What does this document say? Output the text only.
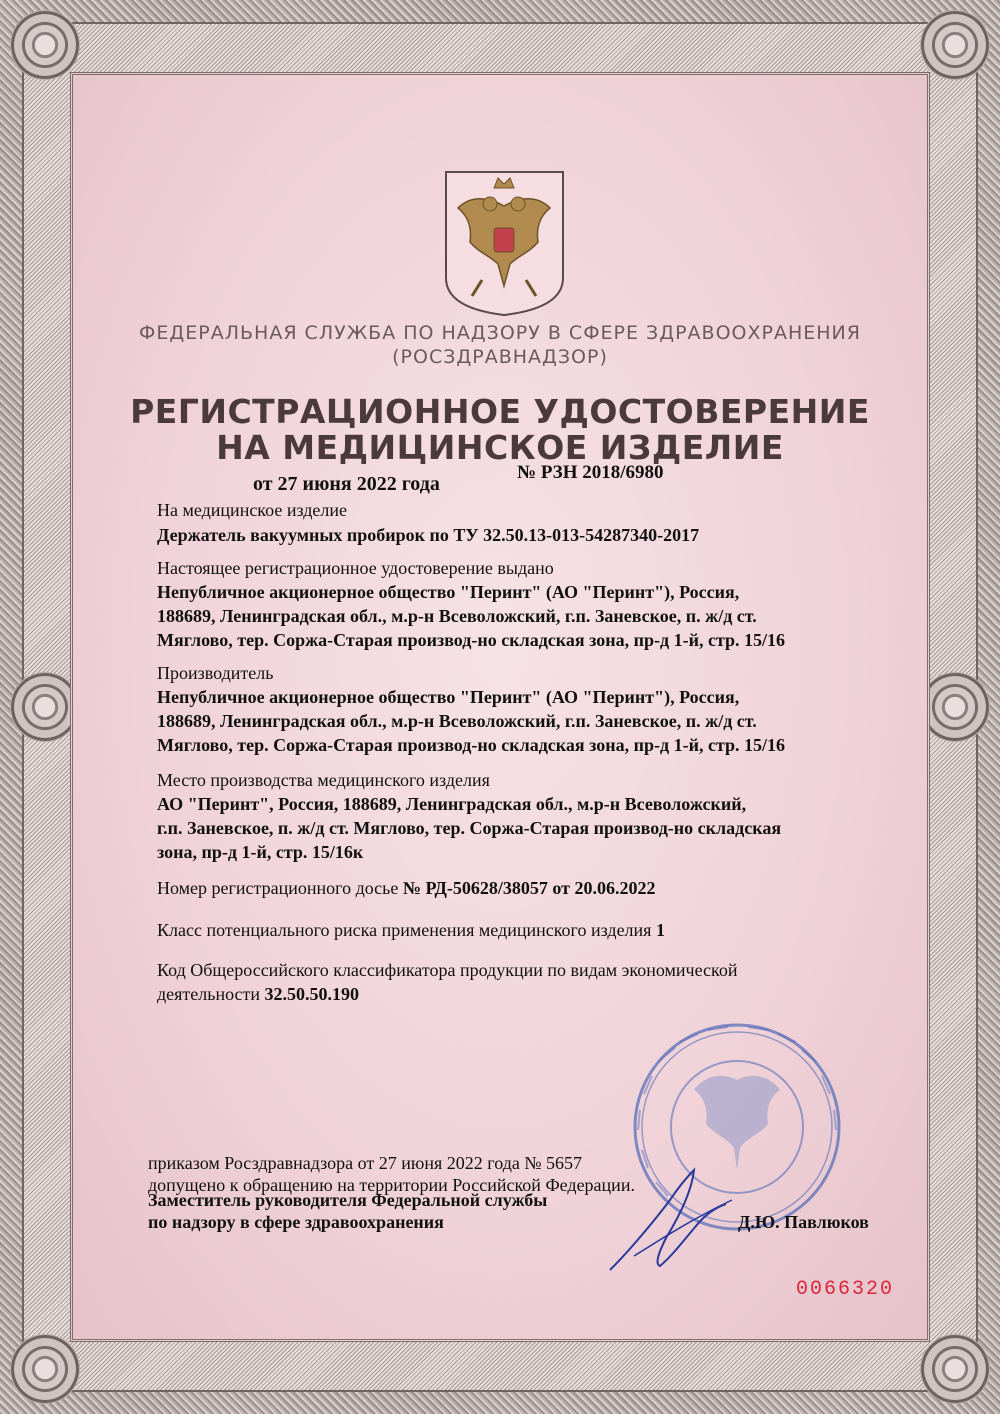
ФЕДЕРАЛЬНАЯ СЛУЖБА ПО НАДЗОРУ В СФЕРЕ ЗДРАВООХРАНЕНИЯ
(РОСЗДРАВНАДЗОР)
РЕГИСТРАЦИОННОЕ УДОСТОВЕРЕНИЕ
НА МЕДИЦИНСКОЕ ИЗДЕЛИЕ
№ РЗН 2018/6980
от 27 июня 2022 года
На медицинское изделие
Держатель вакуумных пробирок по ТУ 32.50.13-013-54287340-2017
Настоящее регистрационное удостоверение выдано
Непубличное акционерное общество "Перинт" (АО "Перинт"), Россия,
188689, Ленинградская обл., м.р-н Всеволожский, г.п. Заневское, п. ж/д ст.
Мяглово, тер. Соржа-Старая производ-но складская зона, пр-д 1-й, стр. 15/16
Производитель
Непубличное акционерное общество "Перинт" (АО "Перинт"), Россия,
188689, Ленинградская обл., м.р-н Всеволожский, г.п. Заневское, п. ж/д ст.
Мяглово, тер. Соржа-Старая производ-но складская зона, пр-д 1-й, стр. 15/16
Место производства медицинского изделия
АО "Перинт", Россия, 188689, Ленинградская обл., м.р-н Всеволожский,
г.п. Заневское, п. ж/д ст. Мяглово, тер. Соржа-Старая производ-но складская
зона, пр-д 1-й, стр. 15/16к
Номер регистрационного досье № РД-50628/38057 от 20.06.2022
Класс потенциального риска применения медицинского изделия 1
Код Общероссийского классификатора продукции по видам экономической
деятельности 32.50.50.190
приказом Росздравнадзора от 27 июня 2022 года № 5657
допущено к обращению на территории Российской Федерации.
Заместитель руководителя Федеральной службы
по надзору в сфере здравоохранения	Д.Ю. Павлюков
0066320
